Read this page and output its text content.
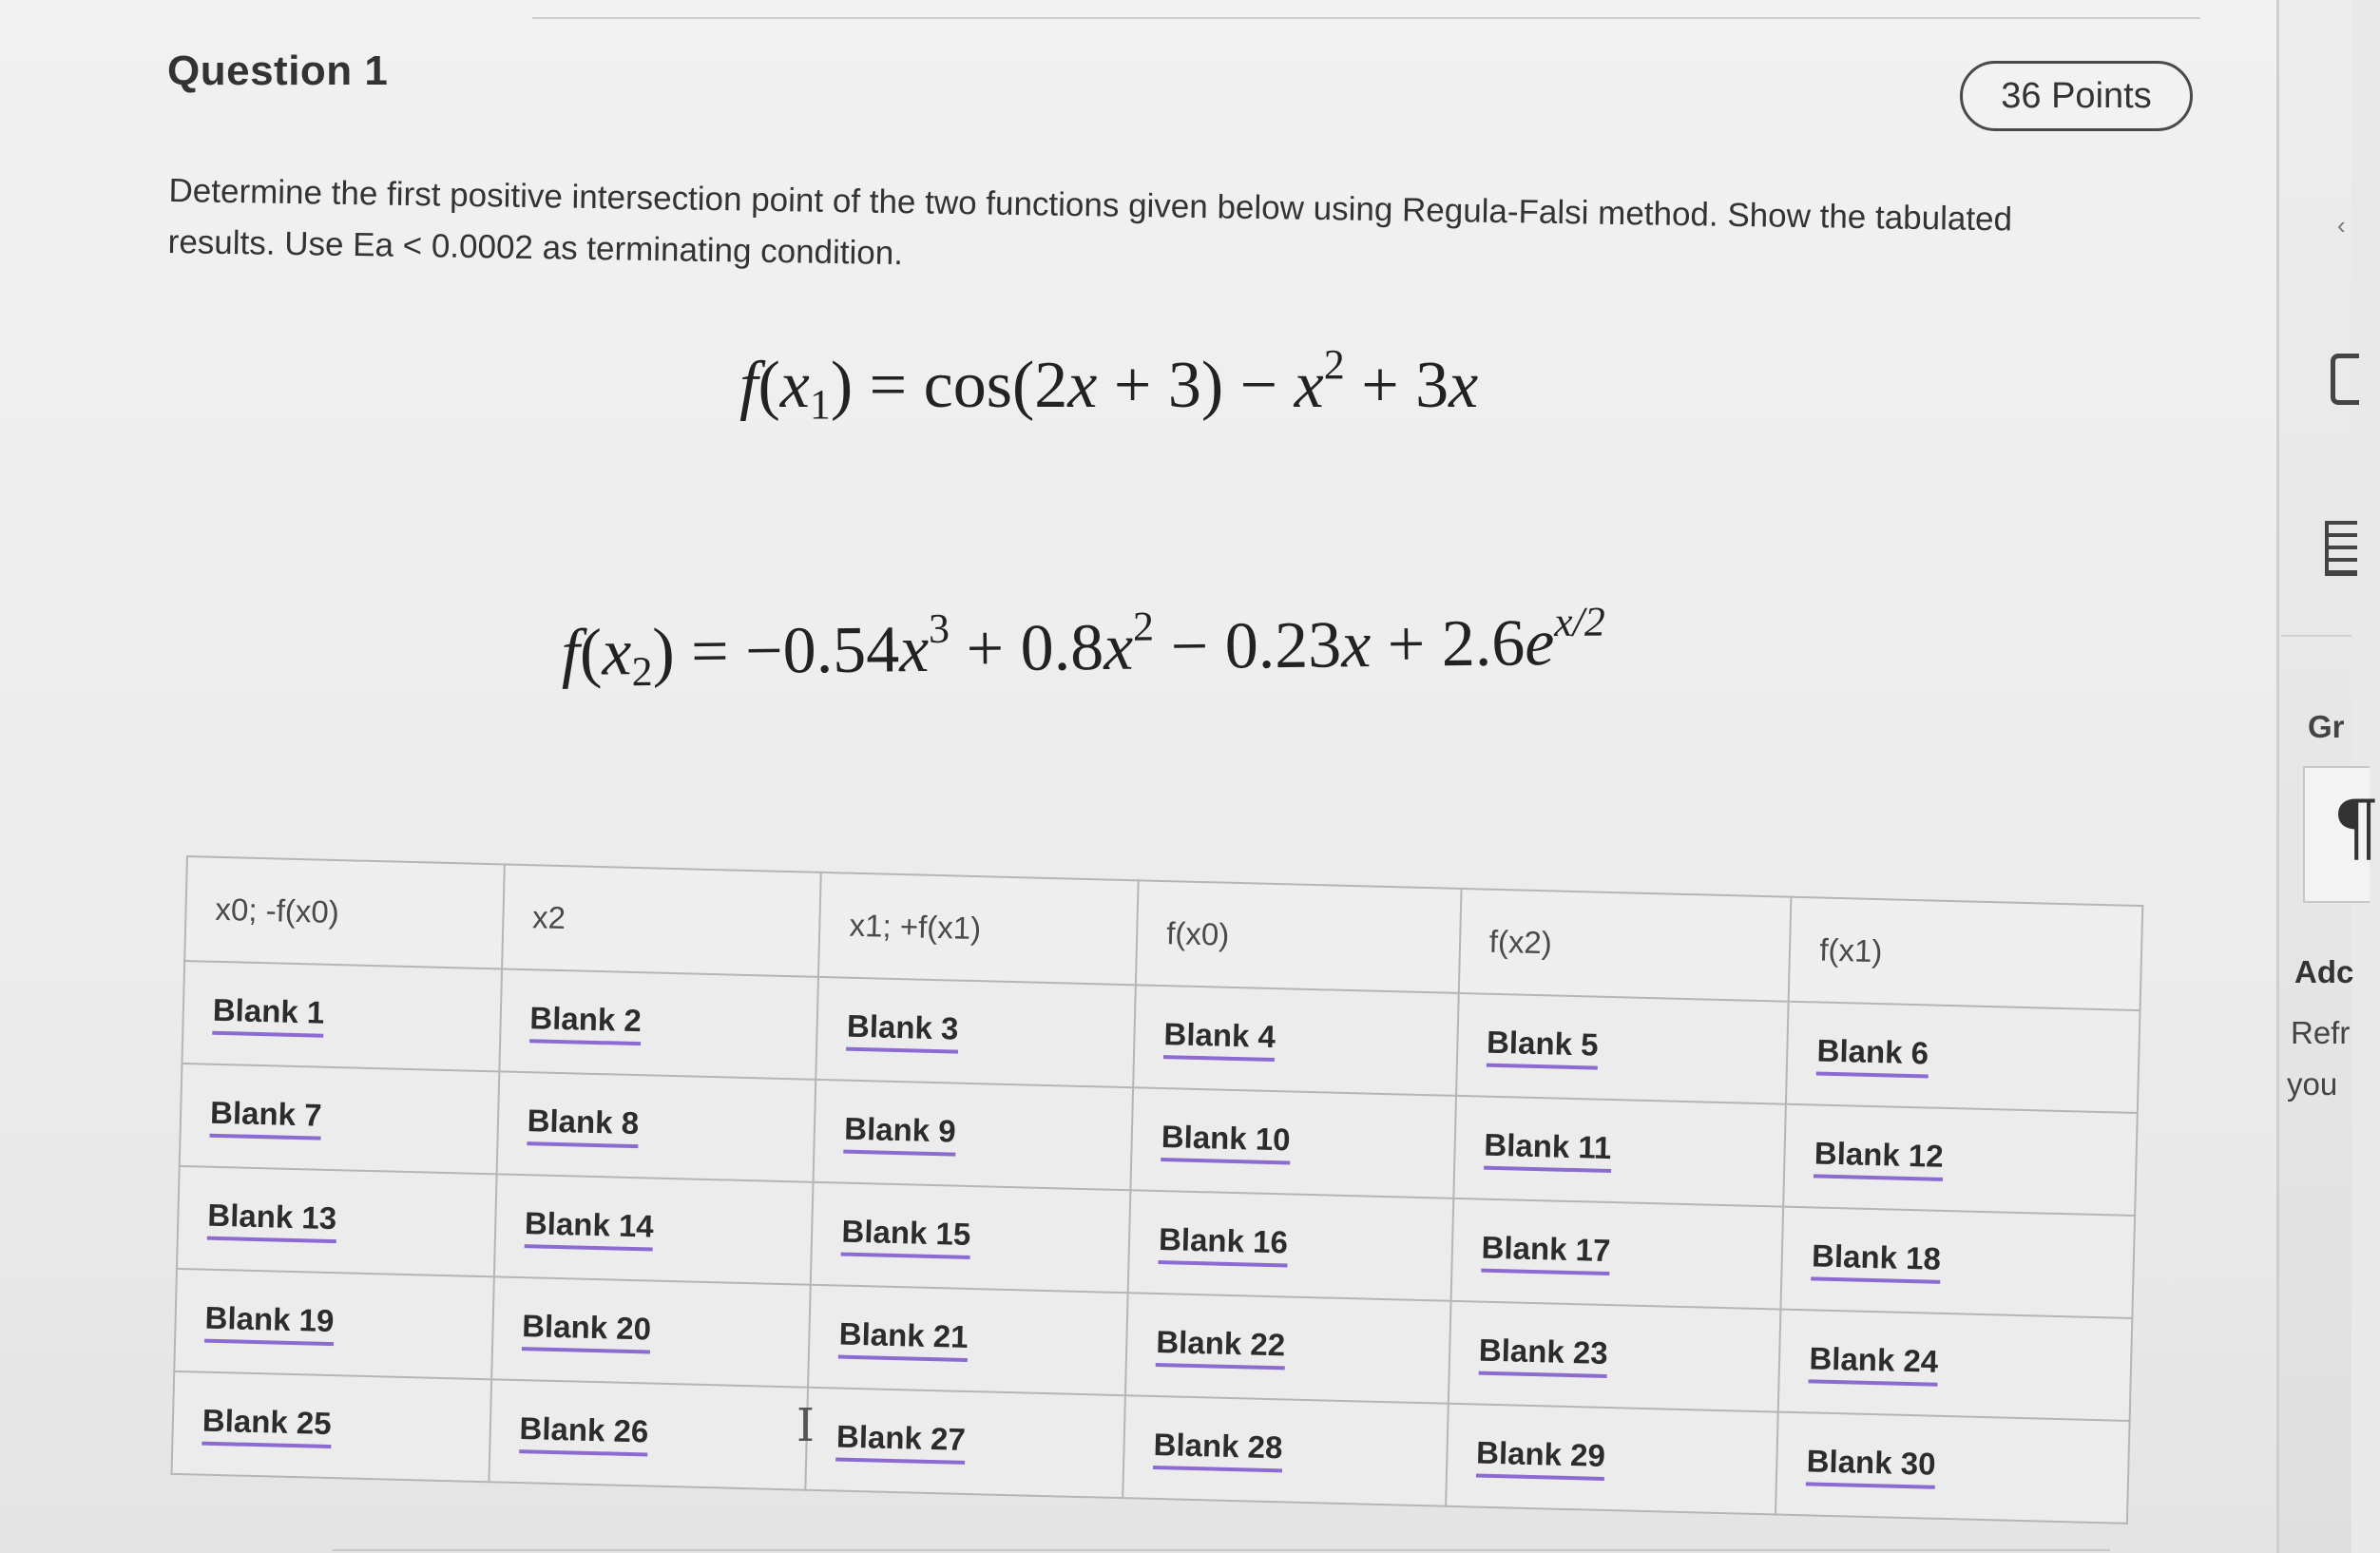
Question 1
36 Points
Determine the first positive intersection point of the two functions given below using Regula-Falsi method. Show the tabulated results. Use Ea < 0.0002 as terminating condition.
$f(x_1) = \cos(2x + 3) - x^2 + 3x$
$f(x_2) = -0.54x^3 + 0.8x^2 - 0.23x + 2.6e^{x/2}$
x0; -f(x0)	x2	x1; +f(x1)	f(x0)	f(x2)	f(x1)
Blank 1	Blank 2	Blank 3	Blank 4	Blank 5	Blank 6
Blank 7	Blank 8	Blank 9	Blank 10	Blank 11	Blank 12
Blank 13	Blank 14	Blank 15	Blank 16	Blank 17	Blank 18
Blank 19	Blank 20	Blank 21	Blank 22	Blank 23	Blank 24
Blank 25	Blank 26	Blank 27	Blank 28	Blank 29	Blank 30
I
‹
Gr
¶
Adc
Refr
you
